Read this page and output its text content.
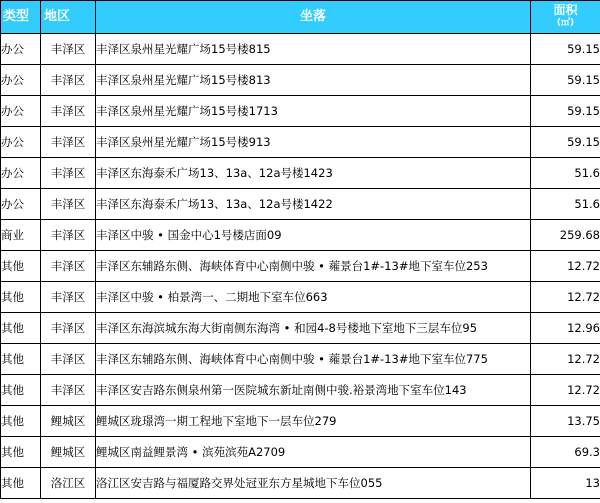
类型	地区	坐落	面积
(㎡)

办公	丰泽区	丰泽区泉州星光耀广场15号楼815	59.15
办公	丰泽区	丰泽区泉州星光耀广场15号楼813	59.15
办公	丰泽区	丰泽区泉州星光耀广场15号楼1713	59.15
办公	丰泽区	丰泽区泉州星光耀广场15号楼913	59.15
办公	丰泽区	丰泽区东海泰禾广场13、13a、12a号楼1423	51.6
办公	丰泽区	丰泽区东海泰禾广场13、13a、12a号楼1422	51.6
商业	丰泽区	丰泽区中骏 • 国金中心1号楼店面09	259.68
其他	丰泽区	丰泽区东辅路东侧、海峡体育中心南侧中骏 • 蕹景台1#-13#地下室车位253	12.72
其他	丰泽区	丰泽区中骏 • 柏景湾一、二期地下室车位663	12.72
其他	丰泽区	丰泽区东海滨城东海大街南侧东海湾 • 和园4-8号楼地下室地下三层车位95	12.96
其他	丰泽区	丰泽区东辅路东侧、海峡体育中心南侧中骏 • 蕹景台1#-13#地下室车位775	12.72
其他	丰泽区	丰泽区安吉路东侧泉州第一医院城东新址南侧中骏.裕景湾地下室车位143	12.72
其他	鲤城区	鲤城区珑璟湾一期工程地下室地下一层车位279	13.75
其他	鲤城区	鲤城区南益鲤景湾 • 滨苑滨苑A2709	69.3
其他	洛江区	洛江区安吉路与福厦路交界处冠亚东方星城地下车位055	13
